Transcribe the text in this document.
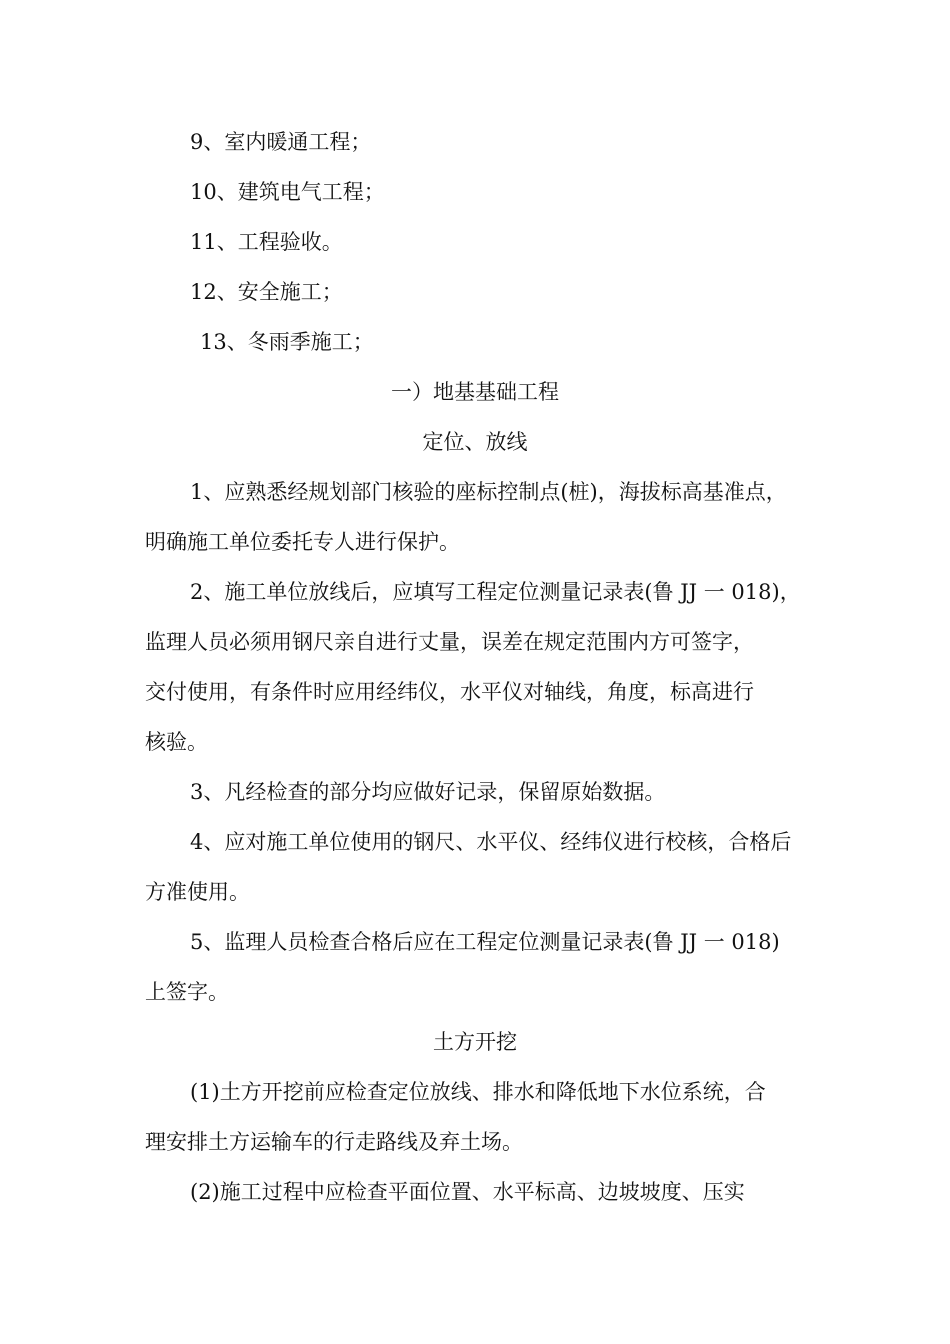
9、室内暖通工程；

10、建筑电气工程；

11、工程验收。

12、安全施工；

13、冬雨季施工；

一）地基基础工程

定位、放线

1、应熟悉经规划部门核验的座标控制点(桩)，海拔标高基准点，

明确施工单位委托专人进行保护。

2、施工单位放线后，应填写工程定位测量记录表(鲁 JJ 一 018)，

监理人员必须用钢尺亲自进行丈量，误差在规定范围内方可签字，

交付使用，有条件时应用经纬仪，水平仪对轴线，角度，标高进行

核验。

3、凡经检查的部分均应做好记录，保留原始数据。

4、应对施工单位使用的钢尺、水平仪、经纬仪进行校核，合格后

方准使用。

5、监理人员检查合格后应在工程定位测量记录表(鲁 JJ 一 018)

上签字。

土方开挖

(1)土方开挖前应检查定位放线、排水和降低地下水位系统，合

理安排土方运输车的行走路线及弃土场。

(2)施工过程中应检查平面位置、水平标高、边坡坡度、压实
